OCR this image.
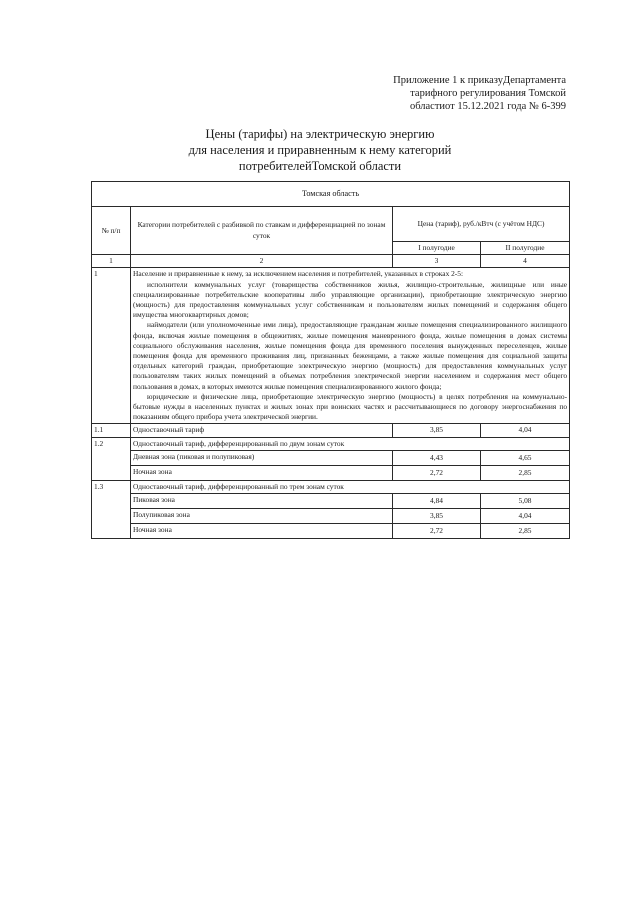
Приложение 1 к приказуДепартамента
тарифного регулирования Томской
областиот 15.12.2021 года № 6-399
Цены (тарифы) на электрическую энергию
для населения и приравненным к нему категорий
потребителейТомской области
Томская область			
№ п/п	Категории потребителей с разбивкой по ставкам и дифференциацией по зонам суток	Цена (тариф), руб./кВтч (с учётом НДС)	
		I полугодие	II полугодие
1	2	3	4
1	Население и приравненные к нему, за исключением населения и потребителей, указанных в строках 2-5:

исполнители коммунальных услуг (товарищества собственников жилья, жилищно-строительные, жилищные или иные специализированные потребительские кооперативы либо управляющие организации), приобретающие электрическую энергию (мощность) для предоставления коммунальных услуг собственникам и пользователям жилых помещений и содержания общего имущества многоквартирных домов;

наймодатели (или уполномоченные ими лица), предоставляющие гражданам жилые помещения специализированного жилищного фонда, включая жилые помещения в общежитиях, жилые помещения маневренного фонда, жилые помещения в домах системы социального обслуживания населения, жилые помещения фонда для временного поселения вынужденных переселенцев, жилые помещения фонда для временного проживания лиц, признанных беженцами, а также жилые помещения для социальной защиты отдельных категорий граждан, приобретающие электрическую энергию (мощность) для предоставления коммунальных услуг пользователям таких жилых помещений в объемах потребления электрической энергии населением и содержания мест общего пользования в домах, в которых имеются жилые помещения специализированного жилого фонда;

юридические и физические лица, приобретающие электрическую энергию (мощность) в целях потребления на коммунально-бытовые нужды в населенных пунктах и жилых зонах при воинских частях и рассчитывающиеся по договору энергоснабжения по показаниям общего прибора учета электрической энергии.		

1.1	Одноставочный тариф	3,85	4,04
1.2	Одноставочный тариф, дифференцированный по двум зонам суток		
	Дневная зона (пиковая и полупиковая)	4,43	4,65
	Ночная зона	2,72	2,85
1.3	Одноставочный тариф, дифференцированный по трем зонам суток		
	Пиковая зона	4,84	5,08
	Полупиковая зона	3,85	4,04
	Ночная зона	2,72	2,85
